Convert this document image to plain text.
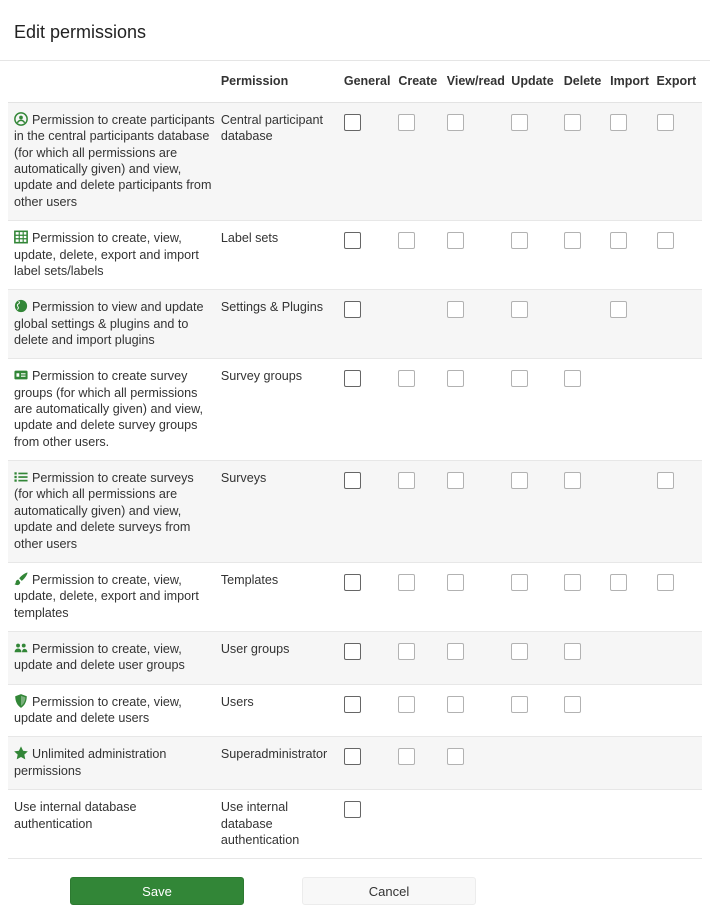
Edit permissions
	Permission	General	Create	View/read	Update	Delete	Import	Export

Permission to create participants in the central participants database (for which all permissions are automatically given) and view, update and delete participants from other users	Central participant database	

Permission to create, view, update, delete, export and import label sets/labels	Label sets	

Permission to view and update global settings & plugins and to delete and import plugins	Settings & Plugins	

Permission to create survey groups (for which all permissions are automatically given) and view, update and delete survey groups from other users.	Survey groups	

Permission to create surveys (for which all permissions are automatically given) and view, update and delete surveys from other users	Surveys	

Permission to create, view, update, delete, export and import templates	Templates	

Permission to create, view, update and delete user groups	User groups	

Permission to create, view, update and delete users	Users	

Unlimited administration permissions	Superadministrator	

Use internal database authentication	Use internal database authentication	

Save	Cancel
